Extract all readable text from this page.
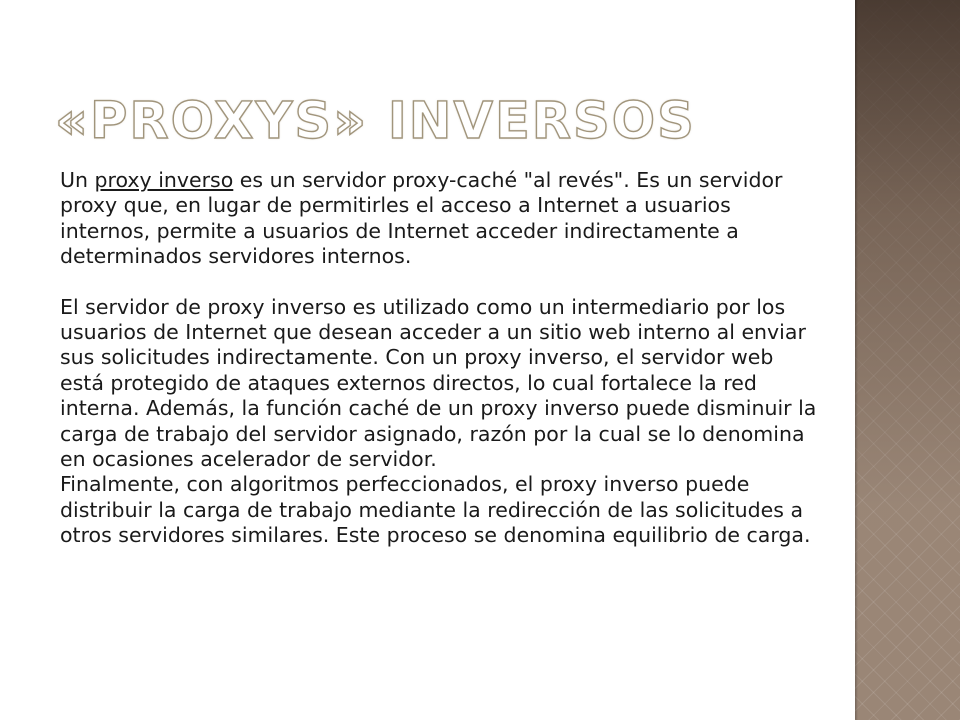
«PROXYS» INVERSOS

Un proxy inverso es un servidor proxy-caché "al revés". Es un servidor proxy que, en lugar de permitirles el acceso a Internet a usuarios internos, permite a usuarios de Internet acceder indirectamente a determinados servidores internos.

El servidor de proxy inverso es utilizado como un intermediario por los usuarios de Internet que desean acceder a un sitio web interno al enviar sus solicitudes indirectamente. Con un proxy inverso, el servidor web está protegido de ataques externos directos, lo cual fortalece la red interna. Además, la función caché de un proxy inverso puede disminuir la carga de trabajo del servidor asignado, razón por la cual se lo denomina en ocasiones acelerador de servidor.

Finalmente, con algoritmos perfeccionados, el proxy inverso puede distribuir la carga de trabajo mediante la redirección de las solicitudes a otros servidores similares. Este proceso se denomina equilibrio de carga.
